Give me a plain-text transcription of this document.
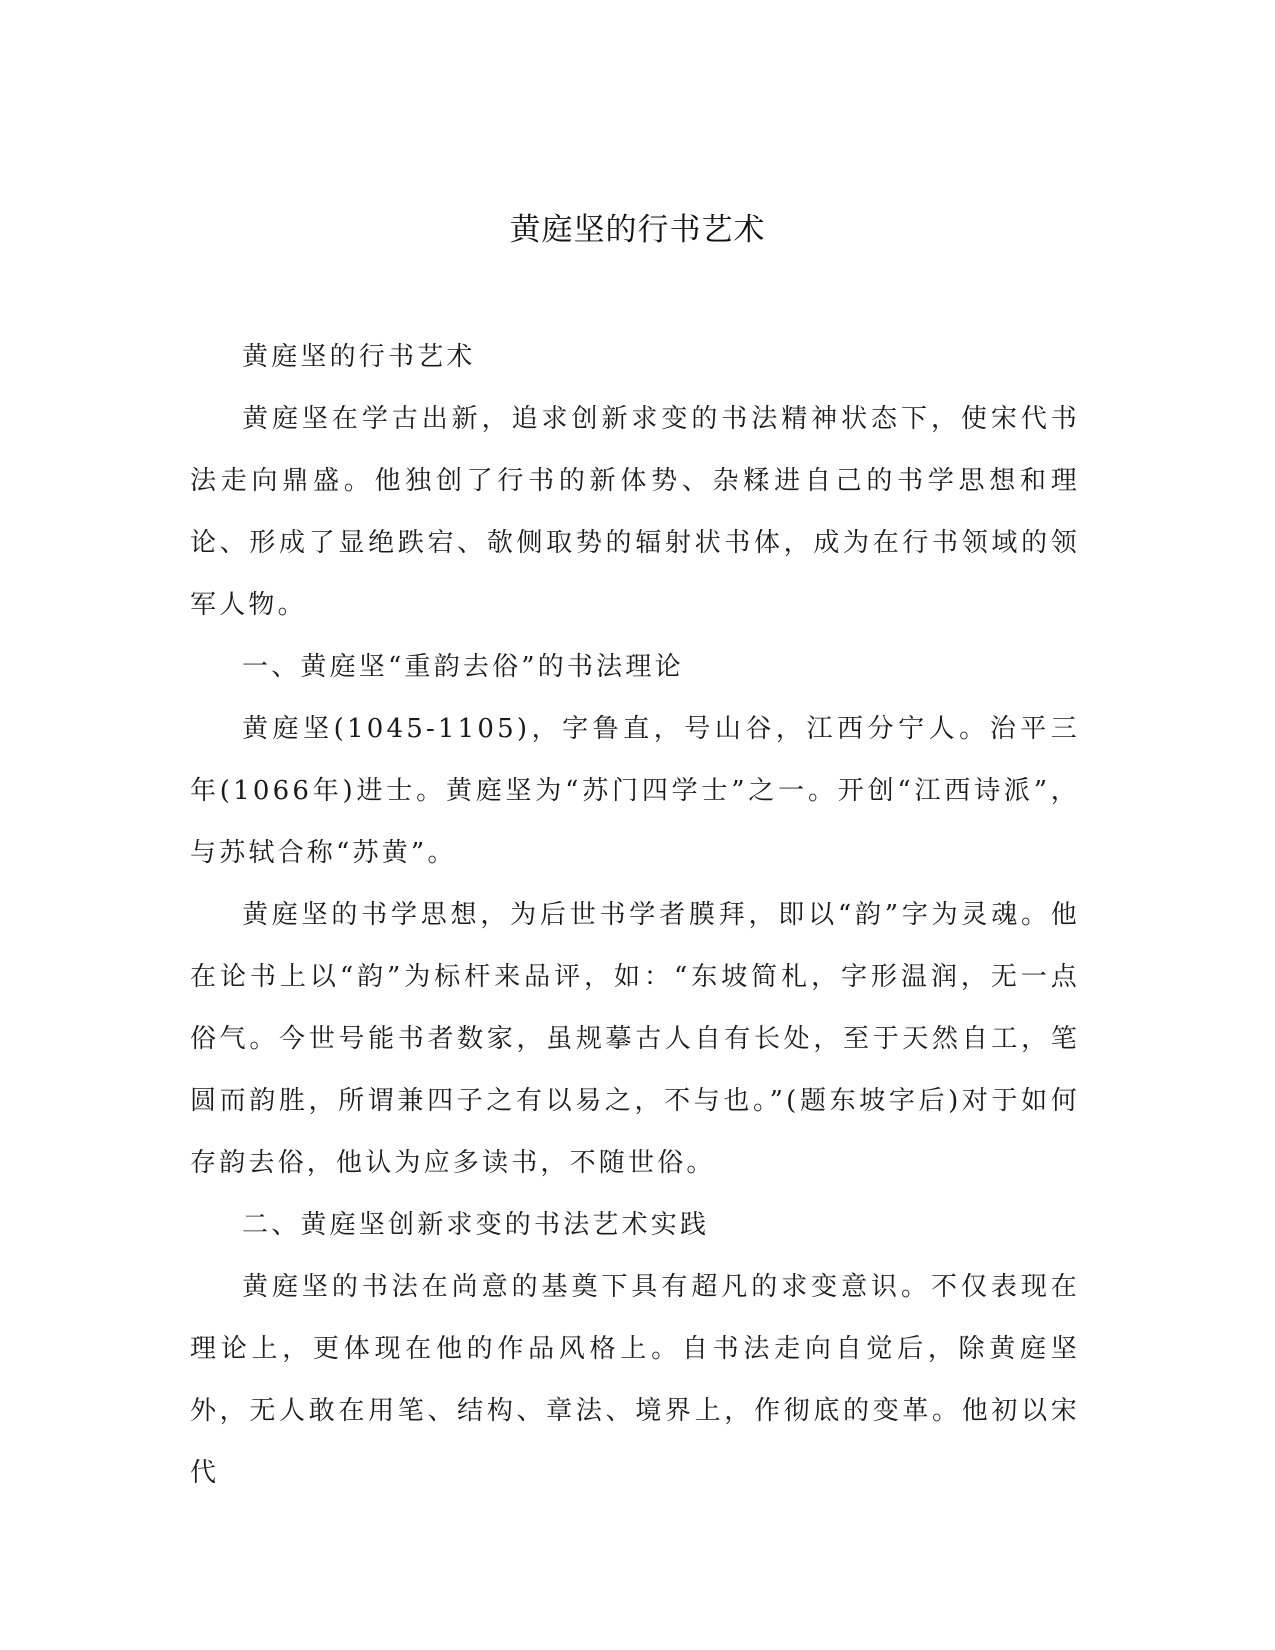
黄庭坚的行书艺术

黄庭坚的行书艺术

黄庭坚在学古出新，追求创新求变的书法精神状态下，使宋代书法走向鼎盛。他独创了行书的新体势、杂糅进自己的书学思想和理论、形成了显绝跌宕、欹侧取势的辐射状书体，成为在行书领域的领军人物。

一、黄庭坚“重韵去俗”的书法理论

黄庭坚(1045-1105)，字鲁直，号山谷，江西分宁人。治平三年(1066年)进士。黄庭坚为“苏门四学士”之一。开创“江西诗派”，与苏轼合称“苏黄”。

黄庭坚的书学思想，为后世书学者膜拜，即以“韵”字为灵魂。他在论书上以“韵”为标杆来品评，如：“东坡简札，字形温润，无一点俗气。今世号能书者数家，虽规摹古人自有长处，至于天然自工，笔圆而韵胜，所谓兼四子之有以易之，不与也。”(题东坡字后)对于如何存韵去俗，他认为应多读书，不随世俗。

二、黄庭坚创新求变的书法艺术实践

黄庭坚的书法在尚意的基奠下具有超凡的求变意识。不仅表现在理论上，更体现在他的作品风格上。自书法走向自觉后，除黄庭坚外，无人敢在用笔、结构、章法、境界上，作彻底的变革。他初以宋代
